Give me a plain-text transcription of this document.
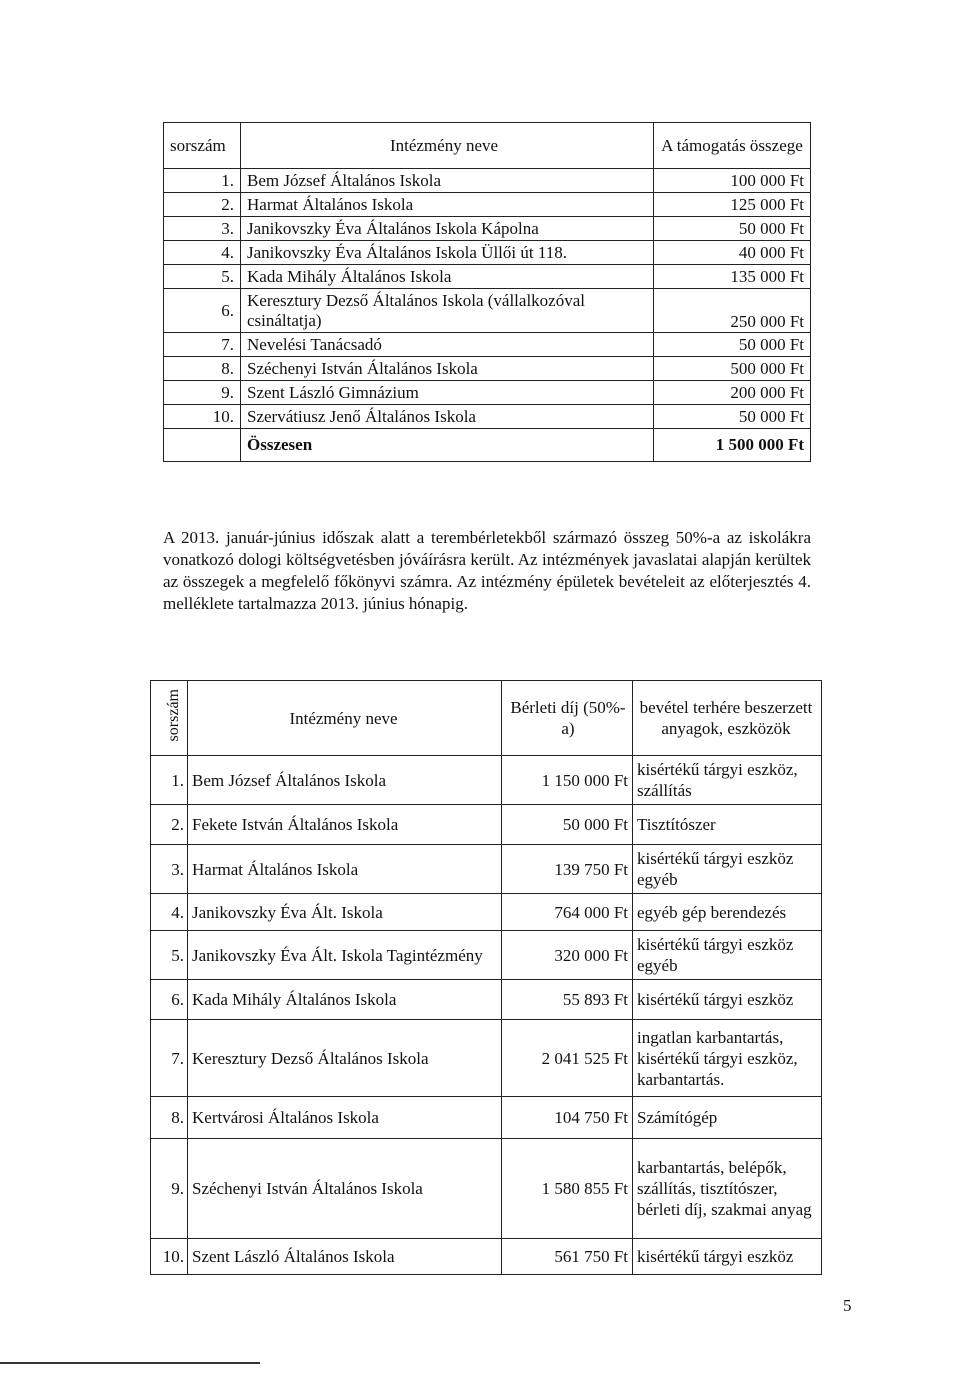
sorszám	Intézmény neve	A támogatás összege
1.	Bem József Általános Iskola	100 000 Ft
2.	Harmat Általános Iskola	125 000 Ft
3.	Janikovszky Éva Általános Iskola Kápolna	50 000 Ft
4.	Janikovszky Éva Általános Iskola Üllői út 118.	40 000 Ft
5.	Kada Mihály Általános Iskola	135 000 Ft
6.	Keresztury Dezső Általános Iskola (vállalkozóval csináltatja)	250 000 Ft
7.	Nevelési Tanácsadó	50 000 Ft
8.	Széchenyi István Általános Iskola	500 000 Ft
9.	Szent László Gimnázium	200 000 Ft
10.	Szervátiusz Jenő Általános Iskola	50 000 Ft
	Összesen	1 500 000 Ft
A 2013. január-június időszak alatt a terembérletekből származó összeg 50%-a az iskolákra vonatkozó dologi költségvetésben jóváírásra került. Az intézmények javaslatai alapján kerültek az összegek a megfelelő főkönyvi számra. Az intézmény épületek bevételeit az előterjesztés 4. melléklete tartalmazza 2013. június hónapig.
sorszám	Intézmény neve	Bérleti díj (50%-a)	bevétel terhére beszerzett anyagok, eszközök
1.	Bem József Általános Iskola	1 150 000 Ft	kisértékű tárgyi eszköz, szállítás
2.	Fekete István Általános Iskola	50 000 Ft	Tisztítószer
3.	Harmat Általános Iskola	139 750 Ft	kisértékű tárgyi eszköz egyéb
4.	Janikovszky Éva Ált. Iskola	764 000 Ft	egyéb gép berendezés
5.	Janikovszky Éva Ált. Iskola Tagintézmény	320 000 Ft	kisértékű tárgyi eszköz egyéb
6.	Kada Mihály Általános Iskola	55 893 Ft	kisértékű tárgyi eszköz
7.	Keresztury Dezső Általános Iskola	2 041 525 Ft	ingatlan karbantartás, kisértékű tárgyi eszköz, karbantartás.
8.	Kertvárosi Általános Iskola	104 750 Ft	Számítógép
9.	Széchenyi István Általános Iskola	1 580 855 Ft	karbantartás, belépők, szállítás, tisztítószer, bérleti díj, szakmai anyag
10.	Szent László Általános Iskola	561 750 Ft	kisértékű tárgyi eszköz
5
